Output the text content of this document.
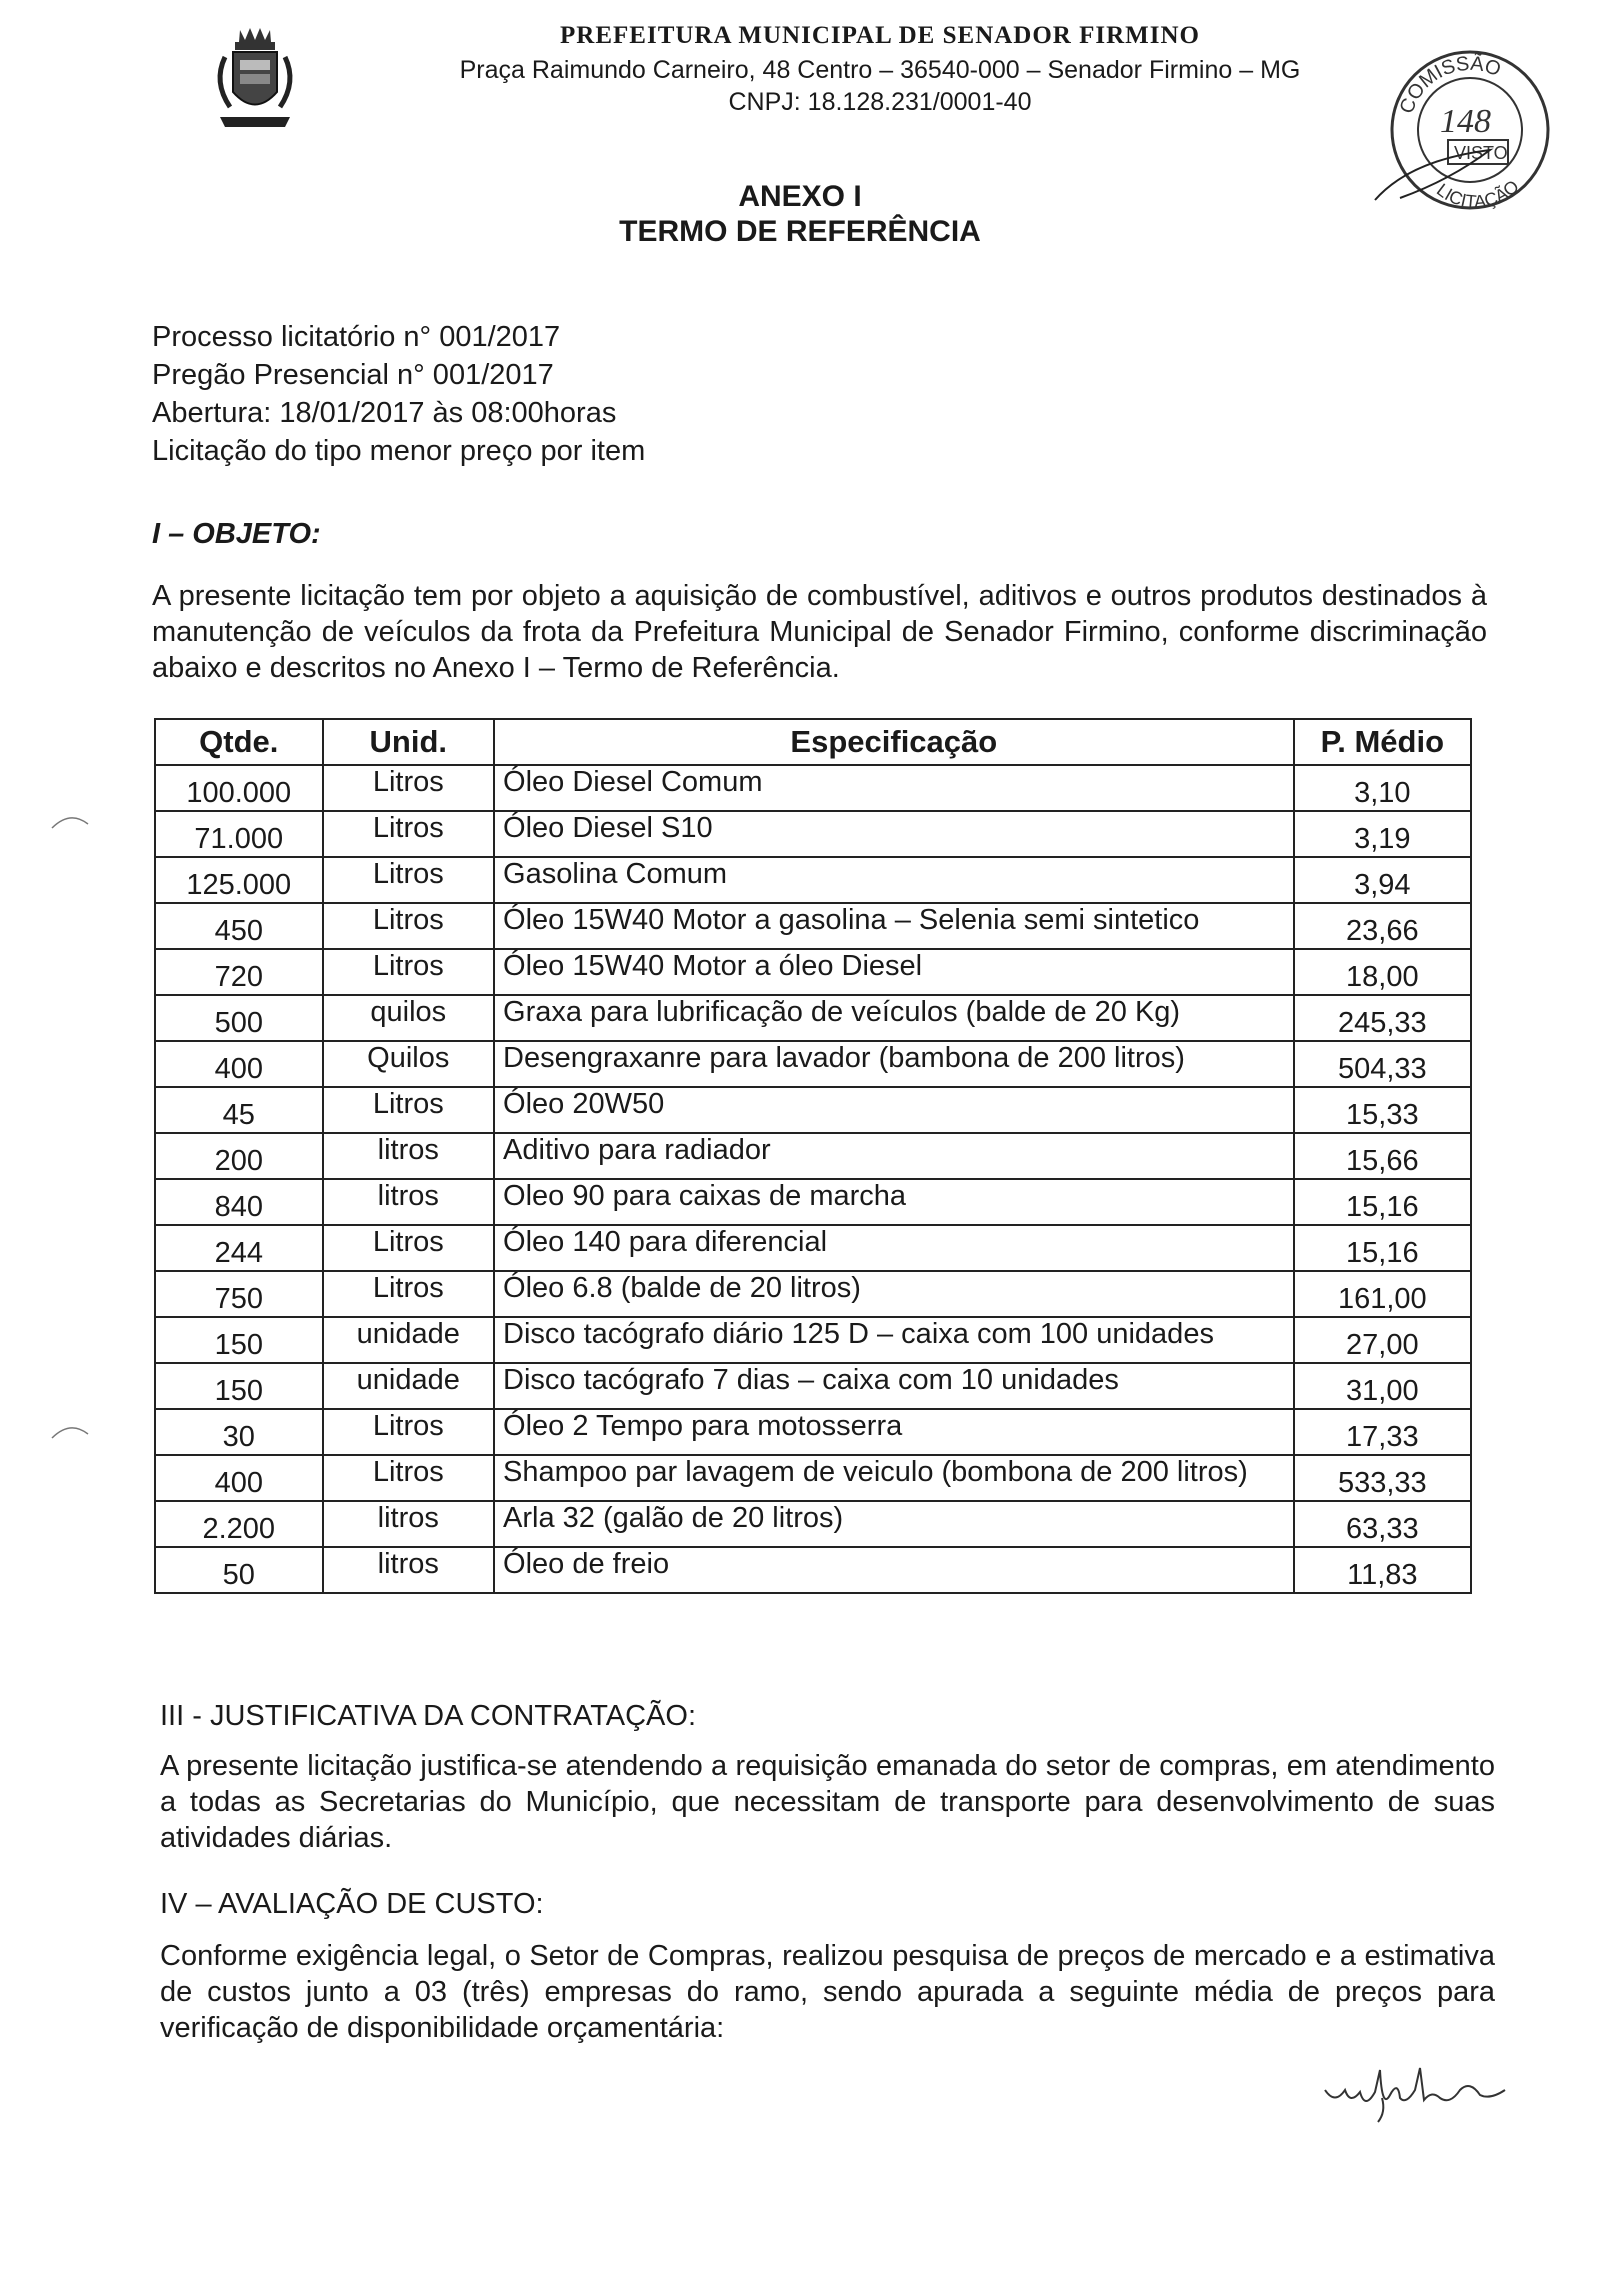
PREFEITURA MUNICIPAL DE SENADOR FIRMINO
Praça Raimundo Carneiro, 48 Centro – 36540-000 – Senador Firmino – MG
CNPJ: 18.128.231/0001-40	COMISSÃO
148
VISTO
LICITAÇÃO
ANEXO I
TERMO DE REFERÊNCIA
Processo licitatório n° 001/2017
Pregão Presencial n° 001/2017
Abertura: 18/01/2017 às 08:00horas
Licitação do tipo menor preço por item
I – OBJETO:
A presente licitação tem por objeto a aquisição de combustível, aditivos e outros produtos destinados à manutenção de veículos da frota da Prefeitura Municipal de Senador Firmino, conforme discriminação abaixo e descritos no Anexo I – Termo de Referência.
Qtde.	Unid.	Especificação	P. Médio
100.000	Litros	Óleo Diesel Comum	3,10
71.000	Litros	Óleo Diesel S10	3,19
125.000	Litros	Gasolina Comum	3,94
450	Litros	Óleo 15W40 Motor a gasolina – Selenia semi sintetico	23,66
720	Litros	Óleo 15W40 Motor a óleo Diesel	18,00
500	quilos	Graxa para lubrificação de veículos (balde de 20 Kg)	245,33
400	Quilos	Desengraxanre para lavador (bambona de 200 litros)	504,33
45	Litros	Óleo 20W50	15,33
200	litros	Aditivo para radiador	15,66
840	litros	Oleo 90 para caixas de marcha	15,16
244	Litros	Óleo 140 para diferencial	15,16
750	Litros	Óleo 6.8 (balde de 20 litros)	161,00
150	unidade	Disco tacógrafo diário 125 D – caixa com 100 unidades	27,00
150	unidade	Disco tacógrafo 7 dias – caixa com 10 unidades	31,00
30	Litros	Óleo 2 Tempo para motosserra	17,33
400	Litros	Shampoo par lavagem de veiculo (bombona de 200 litros)	533,33
2.200	litros	Arla 32 (galão de 20 litros)	63,33
50	litros	Óleo de freio	11,83
III - JUSTIFICATIVA DA CONTRATAÇÃO:
A presente licitação justifica-se atendendo a requisição emanada do setor de compras, em atendimento a todas as Secretarias do Município, que necessitam de transporte para desenvolvimento de suas atividades diárias.
IV – AVALIAÇÃO DE CUSTO:
Conforme exigência legal, o Setor de Compras, realizou pesquisa de preços de mercado e a estimativa de custos junto a 03 (três) empresas do ramo, sendo apurada a seguinte média de preços para verificação de disponibilidade orçamentária:
